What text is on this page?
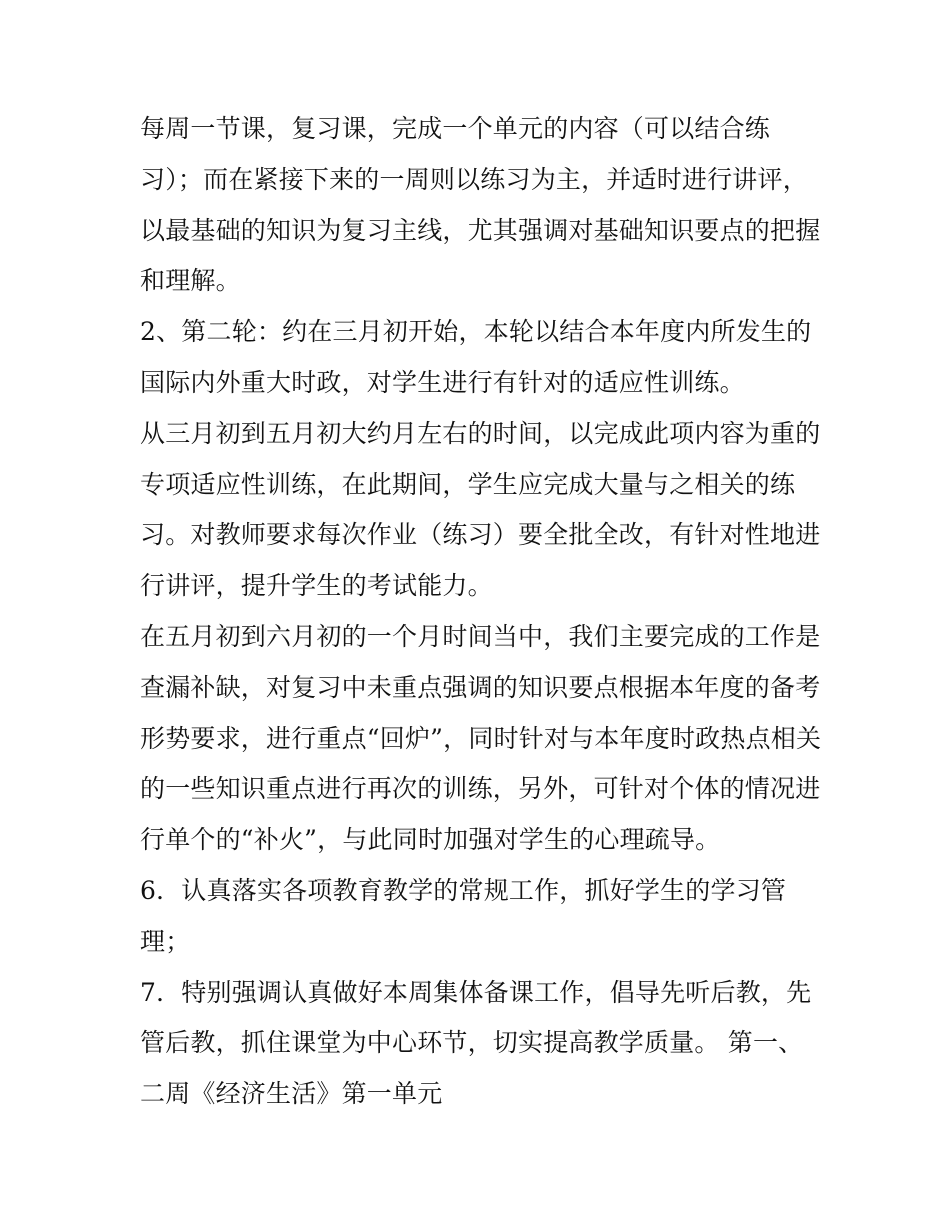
每周一节课，复习课，完成一个单元的内容（可以结合练
习）；而在紧接下来的一周则以练习为主，并适时进行讲评，
以最基础的知识为复习主线，尤其强调对基础知识要点的把握
和理解。
2、第二轮：约在三月初开始，本轮以结合本年度内所发生的
国际内外重大时政，对学生进行有针对的适应性训练。
从三月初到五月初大约月左右的时间，以完成此项内容为重的
专项适应性训练，在此期间，学生应完成大量与之相关的练
习。对教师要求每次作业（练习）要全批全改，有针对性地进
行讲评，提升学生的考试能力。
在五月初到六月初的一个月时间当中，我们主要完成的工作是
查漏补缺，对复习中未重点强调的知识要点根据本年度的备考
形势要求，进行重点“回炉”，同时针对与本年度时政热点相关
的一些知识重点进行再次的训练，另外，可针对个体的情况进
行单个的“补火”，与此同时加强对学生的心理疏导。
6．认真落实各项教育教学的常规工作，抓好学生的学习管
理；
7．特别强调认真做好本周集体备课工作，倡导先听后教，先
管后教，抓住课堂为中心环节，切实提高教学质量。 第一、
二周《经济生活》第一单元
